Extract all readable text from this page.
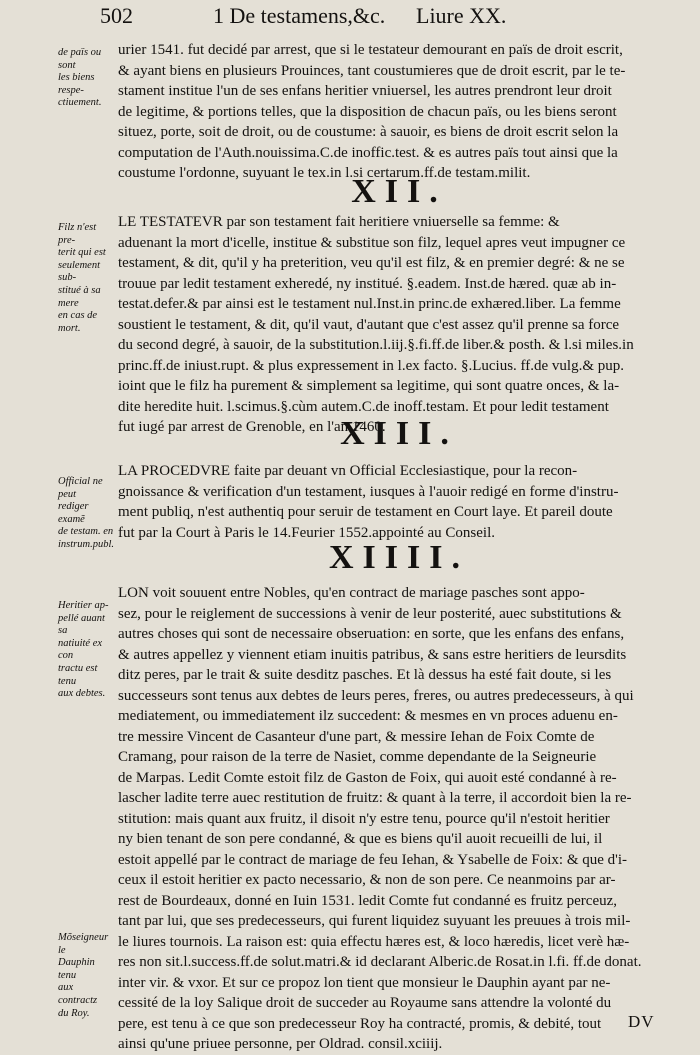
502	1 De testamens,&c. Liure XX.
de païs ou sont
les biens respe-
ctiuement.

urier 1541. fut decidé par arrest, que si le testateur demourant en païs de droit escrit,

& ayant biens en plusieurs Prouinces, tant coustumieres que de droit escrit, par le te-

stament institue l'un de ses enfans heritier vniuersel, les autres prendront leur droit

de legitime, & portions telles, que la disposition de chacun païs, ou les biens seront

situez, porte, soit de droit, ou de coustume: à sauoir, es biens de droit escrit selon la

computation de l'Auth.nouissima.C.de inoffic.test. & es autres païs tout ainsi que la

coustume l'ordonne, suyuant le tex.in l.si certarum.ff.de testam.milit.

XII.
Filz n'est pre-
terit qui est
seulement sub-
stitué à sa mere
en cas de mort.

LE TESTATEVR par son testament fait heritiere vniuerselle sa femme: &

aduenant la mort d'icelle, institue & substitue son filz, lequel apres veut impugner ce

testament, & dit, qu'il y ha pretеrition, veu qu'il est filz, & en premier degré: & ne se

trouue par ledit testament exheredé, ny institué. §.eadem. Inst.de hæred. quæ ab in-

testat.defer.& par ainsi est le testament nul.Inst.in princ.de exhæred.liber. La femme

soustient le testament, & dit, qu'il vaut, d'autant que c'est assez qu'il prenne sa force

du second degré, à sauoir, de la substitution.l.iij.§.fi.ff.de liber.& posth. & l.si miles.in

princ.ff.de iniust.rupt. & plus expressement in l.ex facto. §.Lucius. ff.de vulg.& pup.

ioint que le filz ha purement & simplement sa legitime, qui sont quatre onces, & la-

dite heredite huit. l.scimus.§.cùm autem.C.de inoff.testam. Et pour ledit testament

fut iugé par arrest de Grenoble, en l'an 1460.

XIII.
Official ne peut
rediger examẽ
de testam. en
instrum.publ.

LA PROCEDVRE faite par deuant vn Official Ecclesiastique, pour la recon-

gnoissance & verification d'un testament, iusques à l'auoir redigé en forme d'instru-

ment publiq, n'est authentiq pour seruir de testament en Court laye. Et pareil doute

fut par la Court à Paris le 14.Feurier 1552.appointé au Conseil.

XIIII.
Heritier ap-
pellé auant sa
natiuité ex con
tractu est tenu
aux debtes.
Mõseigneur le
Dauphin tenu
aux contractz
du Roy.

LON voit souuent entre Nobles, qu'en contract de mariage pasches sont appo-

sez, pour le reiglement de successions à venir de leur posterité, auec substitutions &

autres choses qui sont de necessaire obseruation: en sorte, que les enfans des enfans,

& autres appellez y viennent etiam inuitis patribus, & sans estre heritiers de leursdits

ditz peres, par le trait & suite desditz pasches. Et là dessus ha esté fait doute, si les

successeurs sont tenus aux debtes de leurs peres, freres, ou autres predecesseurs, à qui

mediatement, ou immediatement ilz succedent: & mesmes en vn proces aduenu en-

tre messire Vincent de Casanteur d'une part, & messire Iehan de Foix Comte de

Cramang, pour raison de la terre de Nasiet, comme dependante de la Seigneurie

de Marpas. Ledit Comte estoit filz de Gaston de Foix, qui auoit esté condanné à re-

lascher ladite terre auec restitution de fruitz: & quant à la terre, il accordoit bien la re-

stitution: mais quant aux fruitz, il disoit n'y estre tenu, pource qu'il n'estoit heritier

ny bien tenant de son pere condanné, & que es biens qu'il auoit recueilli de lui, il

estoit appellé par le contract de mariage de feu Iehan, & Ysabelle de Foix: & que d'i-

ceux il estoit heritier ex pacto necessario, & non de son pere. Ce neanmoins par ar-

rest de Bourdeaux, donné en Iuin 1531. ledit Comte fut condanné es fruitz perceuz,

tant par lui, que ses predecesseurs, qui furent liquidez suyuant les preuues à trois mil-

le liures tournois. La raison est: quia effectu hæres est, & loco hæredis, licet verè hæ-

res non sit.l.success.ff.de solut.matri.& id declarant Alberic.de Rosat.in l.fi. ff.de donat.

inter vir. & vxor. Et sur ce propoz lon tient que monsieur le Dauphin ayant par ne-

cessité de la loy Salique droit de succeder au Royaume sans attendre la volonté du

pere, est tenu à ce que son predecesseur Roy ha contracté, promis, & debité, tout

ainsi qu'une priuee personne, per Oldrad. consil.xciiij.

DV
